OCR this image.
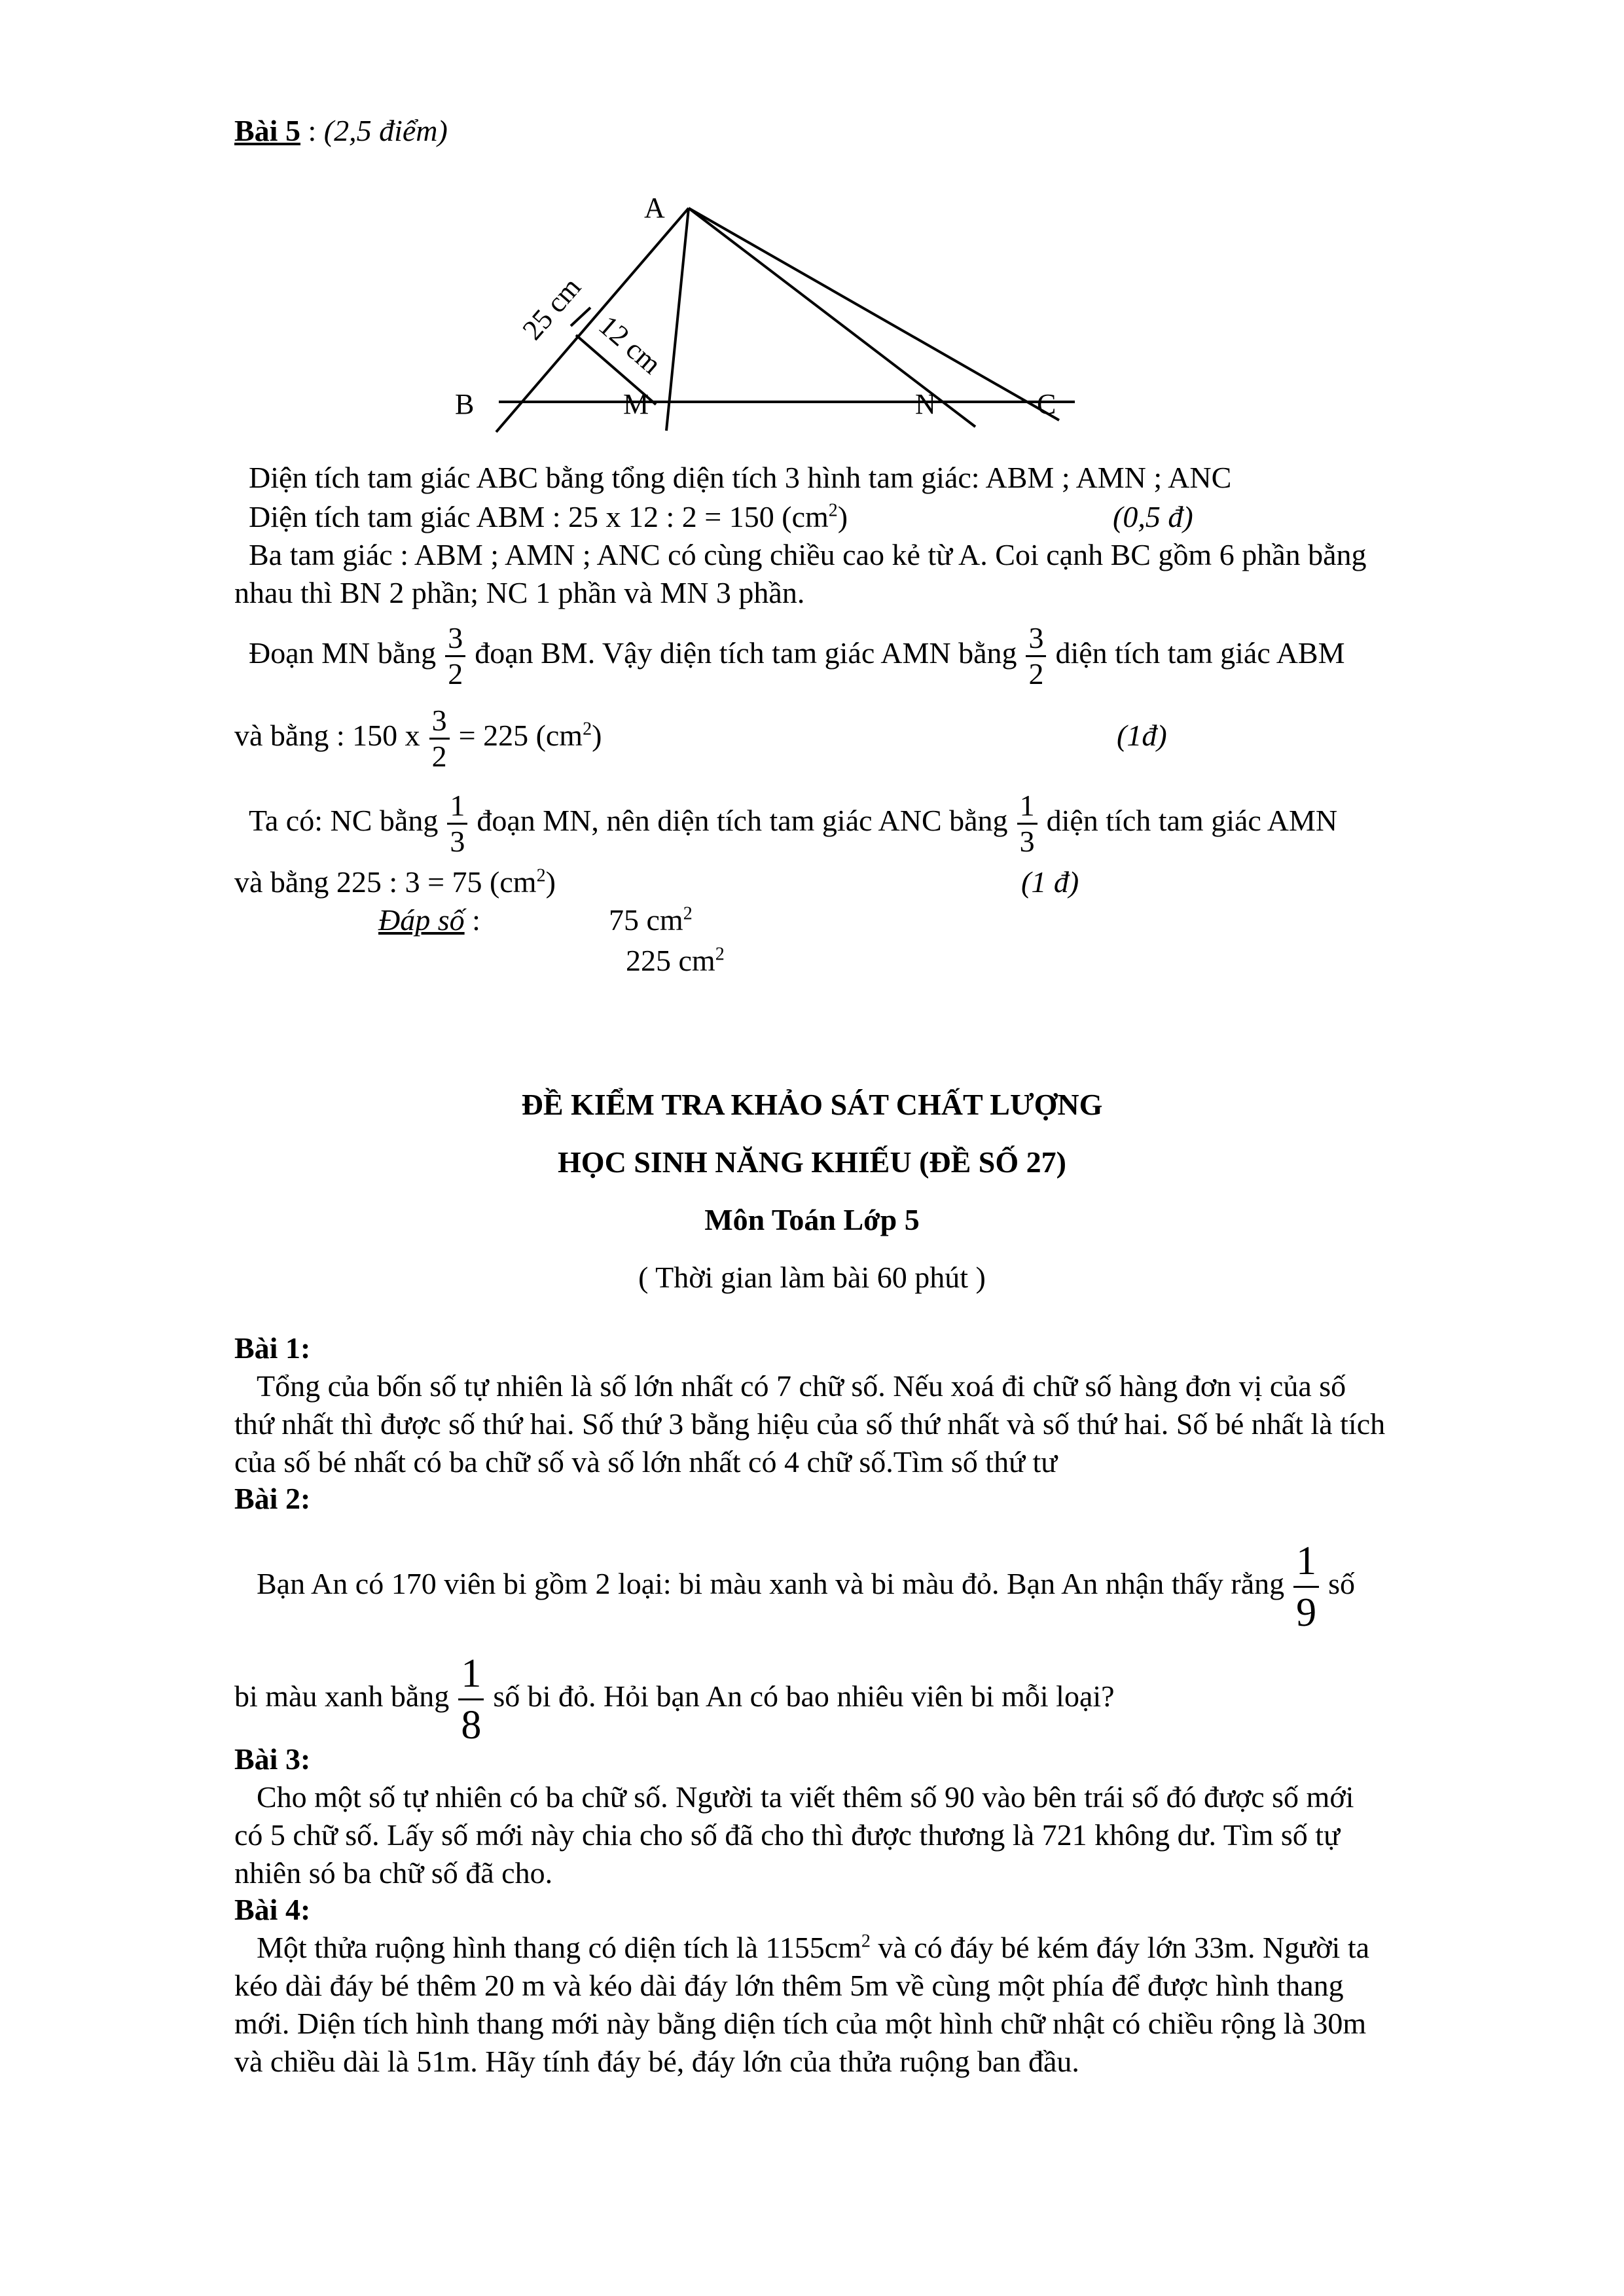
Bài 5 : (2,5 điểm)
A
B	M	N	C
25 cm 12 cm
Diện tích tam giác ABC bằng tổng diện tích 3 hình tam giác: ABM ; AMN ; ANC
Diện tích tam giác ABM : 25 x 12 : 2 = 150 $(cm^2)$	(0,5 đ)
Ba tam giác : ABM ; AMN ; ANC có cùng chiều cao kẻ từ A. Coi cạnh BC gồm 6 phần bằng
nhau thì BN 2 phần; NC 1 phần và MN 3 phần.
Đoạn MN bằng $\frac{3}{2}$ đoạn BM. Vậy diện tích tam giác AMN bằng $\frac{3}{2}$ diện tích tam giác ABM
và bằng : 150 x $\frac{3}{2} = 225$ $(cm^2)$	(1đ)
Ta có: NC bằng $\frac{1}{3}$ đoạn MN, nên diện tích tam giác ANC bằng $\frac{1}{3}$ diện tích tam giác AMN
và bằng 225 : 3 = 75 $(cm^2)$	(1 đ)
Đáp số :	75 $cm^2$
225 $cm^2$
ĐỀ KIỂM TRA KHẢO SÁT CHẤT LƯỢNG
HỌC SINH NĂNG KHIẾU (ĐỀ SỐ 27)
Môn Toán Lớp 5
( Thời gian làm bài 60 phút )
Bài 1:
Tổng của bốn số tự nhiên là số lớn nhất có 7 chữ số. Nếu xoá đi chữ số hàng đơn vị của số
thứ nhất thì được số thứ hai. Số thứ 3 bằng hiệu của số thứ nhất và số thứ hai. Số bé nhất là tích
của số bé nhất có ba chữ số và số lớn nhất có 4 chữ số.Tìm số thứ tư
Bài 2:
Bạn An có 170 viên bi gồm 2 loại: bi màu xanh và bi màu đỏ. Bạn An nhận thấy rằng $\frac{1}{9}$ số
bi màu xanh bằng $\frac{1}{8}$ số bi đỏ. Hỏi bạn An có bao nhiêu viên bi mỗi loại?
Bài 3:
Cho một số tự nhiên có ba chữ số. Người ta viết thêm số 90 vào bên trái số đó được số mới
có 5 chữ số. Lấy số mới này chia cho số đã cho thì được thương là 721 không dư. Tìm số tự
nhiên só ba chữ số đã cho.
Bài 4:
Một thửa ruộng hình thang có diện tích là $1155cm^2$ và có đáy bé kém đáy lớn 33m. Người ta
kéo dài đáy bé thêm 20 m và kéo dài đáy lớn thêm 5m về cùng một phía để được hình thang
mới. Diện tích hình thang mới này bằng diện tích của một hình chữ nhật có chiều rộng là 30m
và chiều dài là 51m. Hãy tính đáy bé, đáy lớn của thửa ruộng ban đầu.
